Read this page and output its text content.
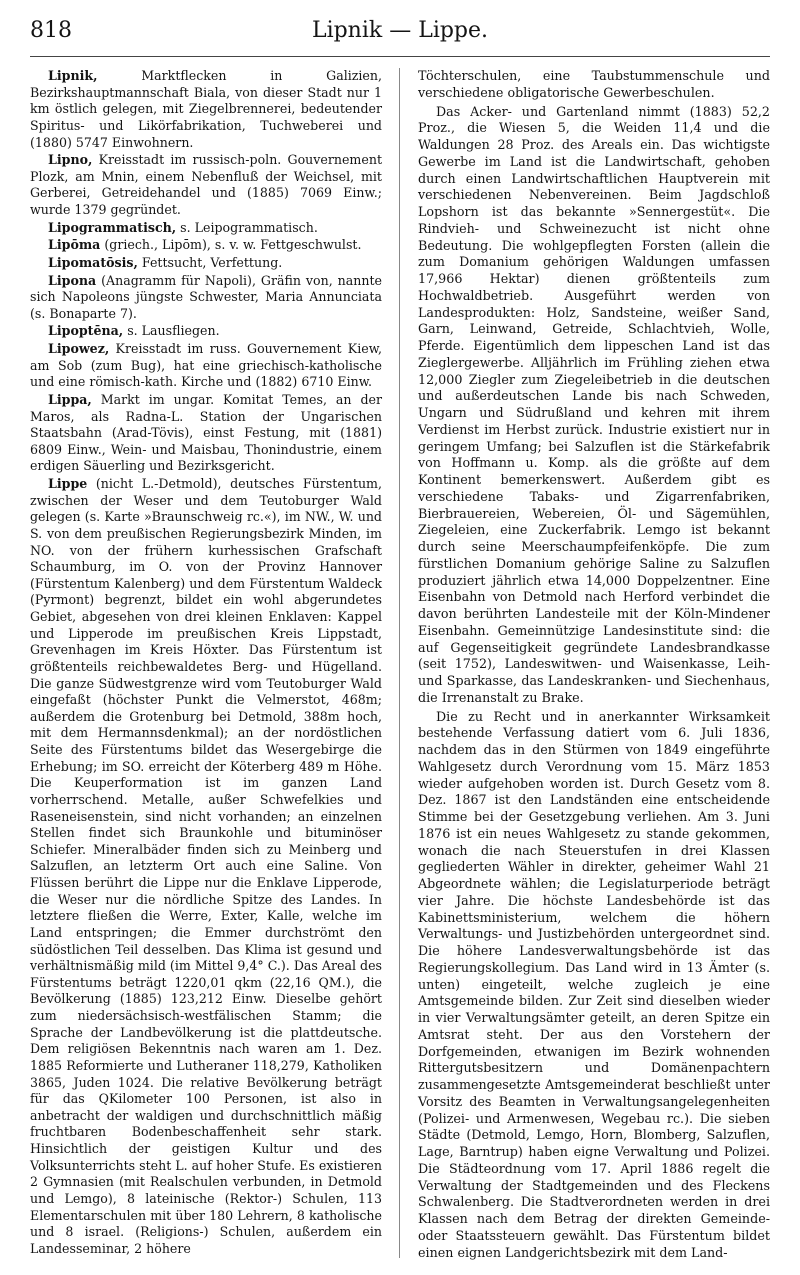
818	Lipnik — Lippe.

Lipnik, Marktflecken in Galizien, Bezirkshauptmannschaft Biala, von dieser Stadt nur 1 km östlich gelegen, mit Ziegelbrennerei, bedeutender Spiritus- und Likörfabrikation, Tuchweberei und (1880) 5747 Einwohnern.

Lipno, Kreisstadt im russisch-poln. Gouvernement Plozk, am Mnin, einem Nebenfluß der Weichsel, mit Gerberei, Getreidehandel und (1885) 7069 Einw.; wurde 1379 gegründet.

Lipogrammatisch, s. Leipogrammatisch.

Lipōma (griech., Lipōm), s. v. w. Fettgeschwulst.

Lipomatōsis, Fettsucht, Verfettung.

Lipona (Anagramm für Napoli), Gräfin von, nannte sich Napoleons jüngste Schwester, Maria Annunciata (s. Bonaparte 7).

Lipoptēna, s. Lausfliegen.

Lipowez, Kreisstadt im russ. Gouvernement Kiew, am Sob (zum Bug), hat eine griechisch-katholische und eine römisch-kath. Kirche und (1882) 6710 Einw.

Lippa, Markt im ungar. Komitat Temes, an der Maros, als Radna-L. Station der Ungarischen Staatsbahn (Arad-Tövis), einst Festung, mit (1881) 6809 Einw., Wein- und Maisbau, Thonindustrie, einem erdigen Säuerling und Bezirksgericht.

Lippe (nicht L.-Detmold), deutsches Fürstentum, zwischen der Weser und dem Teutoburger Wald gelegen (s. Karte »Braunschweig rc.«), im NW., W. und S. von dem preußischen Regierungsbezirk Minden, im NO. von der frühern kurhessischen Grafschaft Schaumburg, im O. von der Provinz Hannover (Fürstentum Kalenberg) und dem Fürstentum Waldeck (Pyrmont) begrenzt, bildet ein wohl abgerundetes Gebiet, abgesehen von drei kleinen Enklaven: Kappel und Lipperode im preußischen Kreis Lippstadt, Grevenhagen im Kreis Höxter. Das Fürstentum ist größtenteils reichbewaldetes Berg- und Hügelland. Die ganze Südwestgrenze wird vom Teutoburger Wald eingefaßt (höchster Punkt die Velmerstot, 468m; außerdem die Grotenburg bei Detmold, 388m hoch, mit dem Hermannsdenkmal); an der nordöstlichen Seite des Fürstentums bildet das Wesergebirge die Erhebung; im SO. erreicht der Köterberg 489 m Höhe. Die Keuperformation ist im ganzen Land vorherrschend. Metalle, außer Schwefelkies und Raseneisenstein, sind nicht vorhanden; an einzelnen Stellen findet sich Braunkohle und bituminöser Schiefer. Mineralbäder finden sich zu Meinberg und Salzuflen, an letzterm Ort auch eine Saline. Von Flüssen berührt die Lippe nur die Enklave Lipperode, die Weser nur die nördliche Spitze des Landes. In letztere fließen die Werre, Exter, Kalle, welche im Land entspringen; die Emmer durchströmt den südöstlichen Teil desselben. Das Klima ist gesund und verhältnismäßig mild (im Mittel 9,4° C.). Das Areal des Fürstentums beträgt 1220,01 qkm (22,16 QM.), die Bevölkerung (1885) 123,212 Einw. Dieselbe gehört zum niedersächsisch-westfälischen Stamm; die Sprache der Landbevölkerung ist die plattdeutsche. Dem religiösen Bekenntnis nach waren am 1. Dez. 1885 Reformierte und Lutheraner 118,279, Katholiken 3865, Juden 1024. Die relative Bevölkerung beträgt für das QKilometer 100 Personen, ist also in anbetracht der waldigen und durchschnittlich mäßig fruchtbaren Bodenbeschaffenheit sehr stark. Hinsichtlich der geistigen Kultur und des Volksunterrichts steht L. auf hoher Stufe. Es existieren 2 Gymnasien (mit Realschulen verbunden, in Detmold und Lemgo), 8 lateinische (Rektor-) Schulen, 113 Elementarschulen mit über 180 Lehrern, 8 katholische und 8 israel. (Religions-) Schulen, außerdem ein Landesseminar, 2 höhere

Töchterschulen, eine Taubstummenschule und verschiedene obligatorische Gewerbeschulen.

Das Acker- und Gartenland nimmt (1883) 52,2 Proz., die Wiesen 5, die Weiden 11,4 und die Waldungen 28 Proz. des Areals ein. Das wichtigste Gewerbe im Land ist die Landwirtschaft, gehoben durch einen Landwirtschaftlichen Hauptverein mit verschiedenen Nebenvereinen. Beim Jagdschloß Lopshorn ist das bekannte »Sennergestüt«. Die Rindvieh- und Schweinezucht ist nicht ohne Bedeutung. Die wohlgepflegten Forsten (allein die zum Domanium gehörigen Waldungen umfassen 17,966 Hektar) dienen größtenteils zum Hochwaldbetrieb. Ausgeführt werden von Landesprodukten: Holz, Sandsteine, weißer Sand, Garn, Leinwand, Getreide, Schlachtvieh, Wolle, Pferde. Eigentümlich dem lippeschen Land ist das Zieglergewerbe. Alljährlich im Frühling ziehen etwa 12,000 Ziegler zum Ziegeleibetrieb in die deutschen und außerdeutschen Lande bis nach Schweden, Ungarn und Südrußland und kehren mit ihrem Verdienst im Herbst zurück. Industrie existiert nur in geringem Umfang; bei Salzuflen ist die Stärkefabrik von Hoffmann u. Komp. als die größte auf dem Kontinent bemerkenswert. Außerdem gibt es verschiedene Tabaks- und Zigarrenfabriken, Bierbrauereien, Webereien, Öl- und Sägemühlen, Ziegeleien, eine Zuckerfabrik. Lemgo ist bekannt durch seine Meerschaumpfeifenköpfe. Die zum fürstlichen Domanium gehörige Saline zu Salzuflen produziert jährlich etwa 14,000 Doppelzentner. Eine Eisenbahn von Detmold nach Herford verbindet die davon berührten Landesteile mit der Köln-Mindener Eisenbahn. Gemeinnützige Landesinstitute sind: die auf Gegenseitigkeit gegründete Landesbrandkasse (seit 1752), Landeswitwen- und Waisenkasse, Leih- und Sparkasse, das Landeskranken- und Siechenhaus, die Irrenanstalt zu Brake.

Die zu Recht und in anerkannter Wirksamkeit bestehende Verfassung datiert vom 6. Juli 1836, nachdem das in den Stürmen von 1849 eingeführte Wahlgesetz durch Verordnung vom 15. März 1853 wieder aufgehoben worden ist. Durch Gesetz vom 8. Dez. 1867 ist den Landständen eine entscheidende Stimme bei der Gesetzgebung verliehen. Am 3. Juni 1876 ist ein neues Wahlgesetz zu stande gekommen, wonach die nach Steuerstufen in drei Klassen gegliederten Wähler in direkter, geheimer Wahl 21 Abgeordnete wählen; die Legislaturperiode beträgt vier Jahre. Die höchste Landesbehörde ist das Kabinettsministerium, welchem die höhern Verwaltungs- und Justizbehörden untergeordnet sind. Die höhere Landesverwaltungsbehörde ist das Regierungskollegium. Das Land wird in 13 Ämter (s. unten) eingeteilt, welche zugleich je eine Amtsgemeinde bilden. Zur Zeit sind dieselben wieder in vier Verwaltungsämter geteilt, an deren Spitze ein Amtsrat steht. Der aus den Vorstehern der Dorfgemeinden, etwanigen im Bezirk wohnenden Rittergutsbesitzern und Domänenpachtern zusammengesetzte Amtsgemeinderat beschließt unter Vorsitz des Beamten in Verwaltungsangelegenheiten (Polizei- und Armenwesen, Wegebau rc.). Die sieben Städte (Detmold, Lemgo, Horn, Blomberg, Salzuflen, Lage, Barntrup) haben eigne Verwaltung und Polizei. Die Städteordnung vom 17. April 1886 regelt die Verwaltung der Stadtgemeinden und des Fleckens Schwalenberg. Die Stadtverordneten werden in drei Klassen nach dem Betrag der direkten Gemeinde- oder Staatssteuern gewählt. Das Fürstentum bildet einen eignen Landgerichtsbezirk mit dem Land-
